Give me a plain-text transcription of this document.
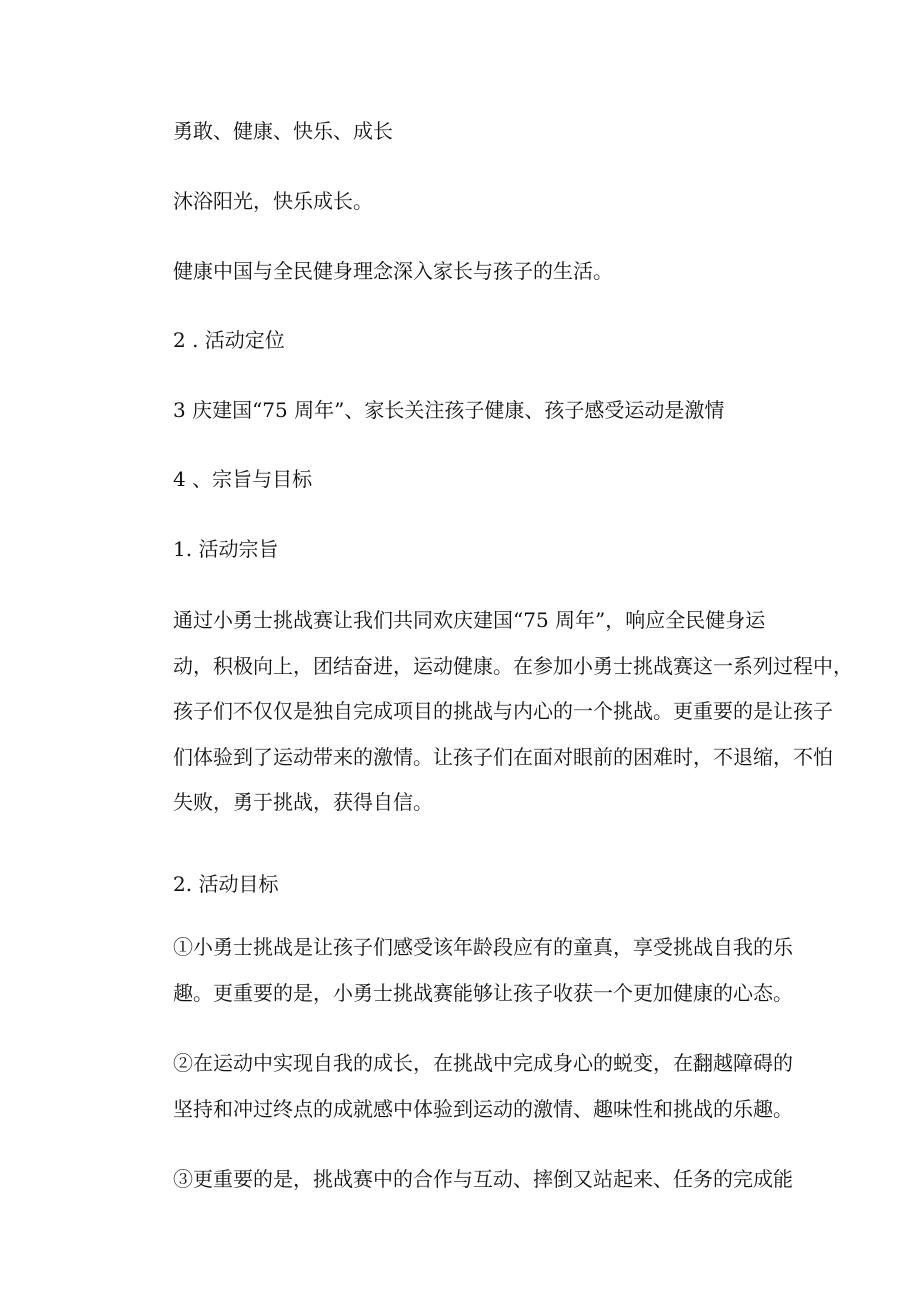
勇敢、健康、快乐、成长

沐浴阳光，快乐成长。

健康中国与全民健身理念深入家长与孩子的生活。

2 . 活动定位

3 庆建国“75 周年”、家长关注孩子健康、孩子感受运动是激情

4 、宗旨与目标

1. 活动宗旨

通过小勇士挑战赛让我们共同欢庆建国“75 周年”，响应全民健身运
动，积极向上，团结奋进，运动健康。在参加小勇士挑战赛这一系列过程中，
孩子们不仅仅是独自完成项目的挑战与内心的一个挑战。更重要的是让孩子
们体验到了运动带来的激情。让孩子们在面对眼前的困难时，不退缩，不怕
失败，勇于挑战，获得自信。

2. 活动目标

①小勇士挑战是让孩子们感受该年龄段应有的童真，享受挑战自我的乐
趣。更重要的是，小勇士挑战赛能够让孩子收获一个更加健康的心态。
②在运动中实现自我的成长，在挑战中完成身心的蜕变，在翻越障碍的
坚持和冲过终点的成就感中体验到运动的激情、趣味性和挑战的乐趣。
③更重要的是，挑战赛中的合作与互动、摔倒又站起来、任务的完成能
